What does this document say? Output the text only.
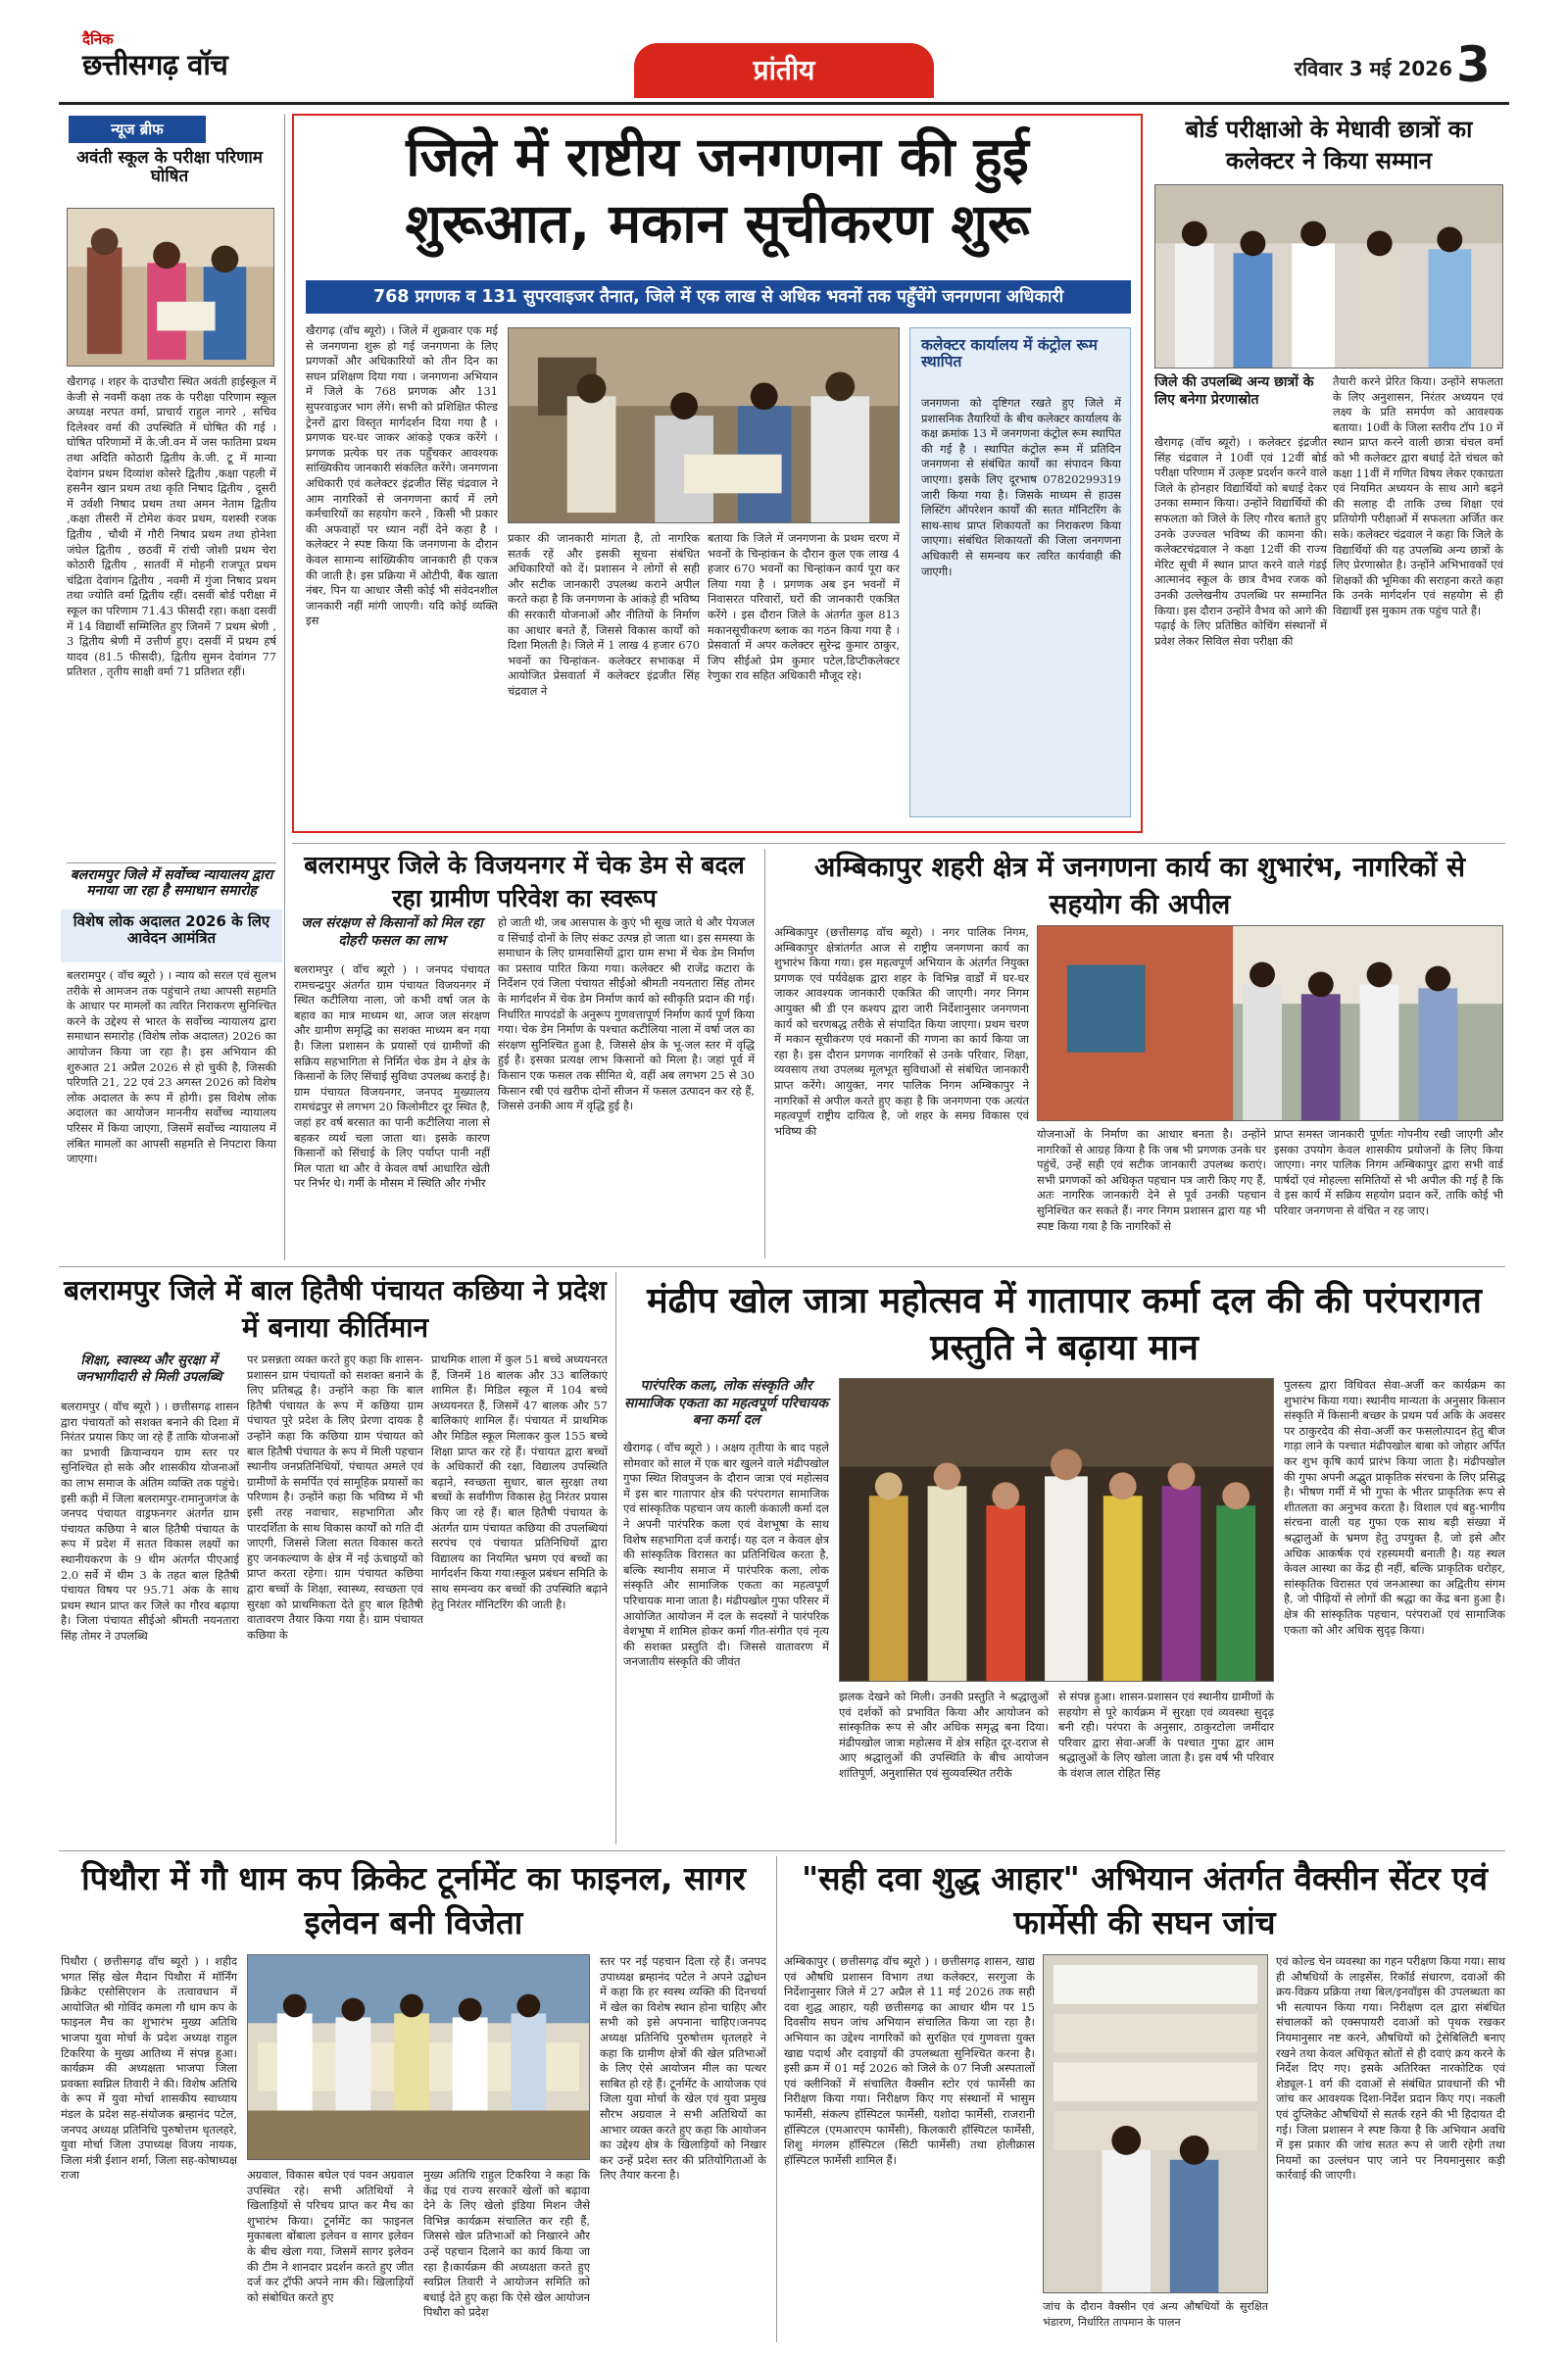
दैनिक
छत्तीसगढ़ वॉच	प्रांतीय	रविवार 3 मई 2026 3
न्यूज ब्रीफ
अवंती स्कूल के परीक्षा परिणाम घोषित
खैरागढ़ । शहर के दाउचौरा स्थित अवंती हाईस्कूल में केजी से नवमीं कक्षा तक के परीक्षा परिणाम स्कूल अध्यक्ष नरपत वर्मा, प्राचार्य राहुल नागरे , सचिव दिलेश्वर वर्मा की उपस्थिति में घोषित की गई । घोषित परिणामों में के.जी.वन में जस फातिमा प्रथम तथा अदिति कोठारी द्वितीय के.जी. टू में मान्या देवांगन प्रथम दिव्यांश कोसरे द्वितीय ,कक्षा पहली में हसनैन खान प्रथम तथा कृति निषाद द्वितीय , दूसरी में उर्वशी निषाद प्रथम तथा अमन नेताम द्वितीय ,कक्षा तीसरी में टोमेश कंवर प्रथम, यशस्वी रजक द्वितीय , चौथी में गौरी निषाद प्रथम तथा होनेशा जंघेल द्वितीय , छठवीं में रांची जोशी प्रथम चेरा कोठारी द्वितीय , सातवीं में मोहनी राजपूत प्रथम चंद्रिता देवांगन द्वितीय , नवमी में गुंजा निषाद प्रथम तथा ज्योति वर्मा द्वितीय रहीं। दसवीं बोर्ड परीक्षा में स्कूल का परिणाम 71.43 फीसदी रहा। कक्षा दसवीं में 14 विद्यार्थी सम्मिलित हुए जिनमें 7 प्रथम श्रेणी , 3 द्वितीय श्रेणी में उत्तीर्ण हुए। दसवीं में प्रथम हर्ष यादव (81.5 फीसदी), द्वितीय सुमन देवांगन 77 प्रतिशत , तृतीय साक्षी वर्मा 71 प्रतिशत रहीं।
बलरामपुर जिले में सर्वोच्च न्यायालय द्वारा मनाया जा रहा है समाधान समारोह
विशेष लोक अदालत 2026 के लिए आवेदन आमंत्रित
बलरामपुर ( वॉच ब्यूरो ) । न्याय को सरल एवं सुलभ तरीके से आमजन तक पहुंचाने तथा आपसी सहमति के आधार पर मामलों का त्वरित निराकरण सुनिश्चित करने के उद्देश्य से भारत के सर्वोच्च न्यायालय द्वारा समाधान समारोह (विशेष लोक अदालत) 2026 का आयोजन किया जा रहा है। इस अभियान की शुरुआत 21 अप्रैल 2026 से हो चुकी है, जिसकी परिणति 21, 22 एवं 23 अगस्त 2026 को विशेष लोक अदालत के रूप में होगी। इस विशेष लोक अदालत का आयोजन माननीय सर्वोच्च न्यायालय परिसर में किया जाएगा, जिसमें सर्वोच्च न्यायालय में लंबित मामलों का आपसी सहमति से निपटारा किया जाएगा।
जिले में राष्टीय जनगणना की हुई शुरूआत, मकान सूचीकरण शुरू
768 प्रगणक व 131 सुपरवाइजर तैनात, जिले में एक लाख से अधिक भवनों तक पहुँचेंगे जनगणना अधिकारी
खैरागढ़ (वॉच ब्यूरो) । जिले में शुक्रवार एक मई से जनगणना शुरू हो गई जनगणना के लिए प्रगणकों और अधिकारियों को तीन दिन का सघन प्रशिक्षण दिया गया । जनगणना अभियान में जिले के 768 प्रगणक और 131 सुपरवाइजर भाग लेंगे। सभी को प्रशिक्षित फील्ड ट्रेनरों द्वारा विस्तृत मार्गदर्शन दिया गया है । प्रगणक घर-घर जाकर आंकड़े एकत्र करेंगे । प्रगणक प्रत्येक घर तक पहुँचकर आवश्यक सांख्यिकीय जानकारी संकलित करेंगे। जनगणना अधिकारी एवं कलेक्टर इंद्रजीत सिंह चंद्रवाल ने आम नागरिकों से जनगणना कार्य में लगे कर्मचारियों का सहयोग करने , किसी भी प्रकार की अफवाहों पर ध्यान नहीं देने कहा है । कलेक्टर ने स्पष्ट किया कि जनगणना के दौरान केवल सामान्य सांख्यिकीय जानकारी ही एकत्र की जाती है। इस प्रक्रिया में ओटीपी, बैंक खाता नंबर, पिन या आधार जैसी कोई भी संवेदनशील जानकारी नहीं मांगी जाएगी। यदि कोई व्यक्ति इस
प्रकार की जानकारी मांगता है, तो नागरिक सतर्क रहें और इसकी सूचना संबंधित अधिकारियों को दें। प्रशासन ने लोगों से सही और सटीक जानकारी उपलब्ध कराने अपील करते कहा है कि जनगणना के आंकड़े ही भविष्य की सरकारी योजनाओं और नीतियों के निर्माण का आधार बनते हैं, जिससे विकास कार्यों को दिशा मिलती है। जिले में 1 लाख 4 हजार 670 भवनों का चिन्हांकन- कलेक्टर सभाकक्ष में आयोजित प्रेसवार्ता में कलेक्टर इंद्रजीत सिंह चंद्रवाल ने
बताया कि जिले में जनगणना के प्रथम चरण में भवनों के चिन्हांकन के दौरान कुल एक लाख 4 हजार 670 भवनों का चिन्हांकन कार्य पूरा कर लिया गया है । प्रगणक अब इन भवनों में निवासरत परिवारों, घरों की जानकारी एकत्रित करेंगे । इस दौरान जिले के अंतर्गत कुल 813 मकानसूचीकरण ब्लाक का गठन किया गया है । प्रेसवार्ता में अपर कलेक्टर सुरेन्द्र कुमार ठाकुर, जिप सीईओ प्रेम कुमार पटेल,डिप्टीकलेक्टर रेणुका राव सहित अधिकारी मौजूद रहे।
कलेक्टर कार्यालय में कंट्रोल रूम स्थापित
जनगणना को दृष्टिगत रखते हुए जिले में प्रशासनिक तैयारियों के बीच कलेक्टर कार्यालय के कक्ष क्रमांक 13 में जनगणना कंट्रोल रूम स्थापित की गई है । स्थापित कंट्रोल रूम में प्रतिदिन जनगणना से संबंधित कार्यों का संपादन किया जाएगा। इसके लिए दूरभाष 07820299319 जारी किया गया है। जिसके माध्यम से हाउस लिस्टिंग ऑपरेशन कार्यों की सतत मॉनिटरिंग के साथ-साथ प्राप्त शिकायतों का निराकरण किया जाएगा। संबंधित शिकायतों की जिला जनगणना अधिकारी से समन्वय कर त्वरित कार्यवाही की जाएगी।
बोर्ड परीक्षाओ के मेधावी छात्रों का कलेक्टर ने किया सम्मान
जिले की उपलब्धि अन्य छात्रों के लिए बनेगा प्रेरणास्रोत
खैरागढ़ (वॉच ब्यूरो) । कलेक्टर इंद्रजीत सिंह चंद्रवाल ने 10वीं एवं 12वीं बोर्ड परीक्षा परिणाम में उत्कृष्ट प्रदर्शन करने वाले जिले के होनहार विद्यार्थियों को बधाई देकर उनका सम्मान किया। उन्होंने विद्यार्थियों की सफलता को जिले के लिए गौरव बताते हुए उनके उज्ज्वल भविष्य की कामना की। कलेक्टरचंद्रवाल ने कक्षा 12वीं की राज्य मेरिट सूची में स्थान प्राप्त करने वाले गंडई आत्मानंद स्कूल के छात्र वैभव रजक को उनकी उल्लेखनीय उपलब्धि पर सम्मानित किया। इस दौरान उन्होंने वैभव को आगे की पढ़ाई के लिए प्रतिष्ठित कोचिंग संस्थानों में प्रवेश लेकर सिविल सेवा परीक्षा की
तैयारी करने प्रेरित किया। उन्होंने सफलता के लिए अनुशासन, निरंतर अध्ययन एवं लक्ष्य के प्रति समर्पण को आवश्यक बताया। 10वीं के जिला स्तरीय टॉप 10 में स्थान प्राप्त करने वाली छात्रा चंचल वर्मा को भी कलेक्टर द्वारा बधाई देते चंचल को कक्षा 11वीं में गणित विषय लेकर एकाग्रता एवं नियमित अध्ययन के साथ आगे बढ़ने की सलाह दी ताकि उच्च शिक्षा एवं प्रतियोगी परीक्षाओं में सफलता अर्जित कर सके। कलेक्टर चंद्रवाल ने कहा कि जिले के विद्यार्थियों की यह उपलब्धि अन्य छात्रों के लिए प्रेरणास्रोत है। उन्होंने अभिभावकों एवं शिक्षकों की भूमिका की सराहना करते कहा कि उनके मार्गदर्शन एवं सहयोग से ही विद्यार्थी इस मुकाम तक पहुंच पाते हैं।
बलरामपुर जिले के विजयनगर में चेक डेम से बदल रहा ग्रामीण परिवेश का स्वरूप
जल संरक्षण से किसानों को मिल रहा दोहरी फसल का लाभ
बलरामपुर ( वॉच ब्यूरो ) । जनपद पंचायत रामचन्द्रपुर अंतर्गत ग्राम पंचायत विजयनगर में स्थित कटीलिया नाला, जो कभी वर्षा जल के बहाव का मात्र माध्यम था, आज जल संरक्षण और ग्रामीण समृद्धि का सशक्त माध्यम बन गया है। जिला प्रशासन के प्रयासों एवं ग्रामीणों की सक्रिय सहभागिता से निर्मित चेक डेम ने क्षेत्र के किसानों के लिए सिंचाई सुविधा उपलब्ध कराई है। ग्राम पंचायत विजयनगर, जनपद मुख्यालय रामचंद्रपुर से लगभग 20 किलोमीटर दूर स्थित है, जहां हर वर्ष बरसात का पानी कटीलिया नाला से बहकर व्यर्थ चला जाता था। इसके कारण किसानों को सिंचाई के लिए पर्याप्त पानी नहीं मिल पाता था और वे केवल वर्षा आधारित खेती पर निर्भर थे। गर्मी के मौसम में स्थिति और गंभीर
हो जाती थी, जब आसपास के कुएं भी सूख जाते थे और पेयजल व सिंचाई दोनों के लिए संकट उत्पन्न हो जाता था। इस समस्या के समाधान के लिए ग्रामवासियों द्वारा ग्राम सभा में चेक डेम निर्माण का प्रस्ताव पारित किया गया। कलेक्टर श्री राजेंद्र कटारा के निर्देशन एवं जिला पंचायत सीईओ श्रीमती नयनतारा सिंह तोमर के मार्गदर्शन में चेक डेम निर्माण कार्य को स्वीकृति प्रदान की गई। निर्धारित मापदंडों के अनुरूप गुणवत्तापूर्ण निर्माण कार्य पूर्ण किया गया। चेक डेम निर्माण के पश्चात कटीलिया नाला में वर्षा जल का संरक्षण सुनिश्चित हुआ है, जिससे क्षेत्र के भू-जल स्तर में वृद्धि हुई है। इसका प्रत्यक्ष लाभ किसानों को मिला है। जहां पूर्व में किसान एक फसल तक सीमित थे, वहीं अब लगभग 25 से 30 किसान रबी एवं खरीफ दोनों सीजन में फसल उत्पादन कर रहे हैं, जिससे उनकी आय में वृद्धि हुई है।
अम्बिकापुर शहरी क्षेत्र में जनगणना कार्य का शुभारंभ, नागरिकों से सहयोग की अपील
अम्बिकापुर (छत्तीसगढ़ वॉच ब्यूरो) । नगर पालिक निगम, अम्बिकापुर क्षेत्रांतर्गत आज से राष्ट्रीय जनगणना कार्य का शुभारंभ किया गया। इस महत्वपूर्ण अभियान के अंतर्गत नियुक्त प्रगणक एवं पर्यवेक्षक द्वारा शहर के विभिन्न वार्डों में घर-घर जाकर आवश्यक जानकारी एकत्रित की जाएगी। नगर निगम आयुक्त श्री डी एन कश्यप द्वारा जारी निर्देशानुसार जनगणना कार्य को चरणबद्ध तरीके से संपादित किया जाएगा। प्रथम चरण में मकान सूचीकरण एवं मकानों की गणना का कार्य किया जा रहा है। इस दौरान प्रगणक नागरिकों से उनके परिवार, शिक्षा, व्यवसाय तथा उपलब्ध मूलभूत सुविधाओं से संबंधित जानकारी प्राप्त करेंगे। आयुक्त, नगर पालिक निगम अम्बिकापुर ने नागरिकों से अपील करते हुए कहा है कि जनगणना एक अत्यंत महत्वपूर्ण राष्ट्रीय दायित्व है, जो शहर के समग्र विकास एवं भविष्य की	योजनाओं के निर्माण का आधार बनता है। उन्होंने नागरिकों से आग्रह किया है कि जब भी प्रगणक उनके घर पहुंचें, उन्हें सही एवं सटीक जानकारी उपलब्ध कराएं। सभी प्रगणकों को अधिकृत पहचान पत्र जारी किए गए हैं, अतः नागरिक जानकारी देने से पूर्व उनकी पहचान सुनिश्चित कर सकते हैं। नगर निगम प्रशासन द्वारा यह भी स्पष्ट किया गया है कि नागरिकों से
प्राप्त समस्त जानकारी पूर्णतः गोपनीय रखी जाएगी और इसका उपयोग केवल शासकीय प्रयोजनों के लिए किया जाएगा। नगर पालिक निगम अम्बिकापुर द्वारा सभी वार्ड पार्षदों एवं मोहल्ला समितियों से भी अपील की गई है कि वे इस कार्य में सक्रिय सहयोग प्रदान करें, ताकि कोई भी परिवार जनगणना से वंचित न रह जाए।
बलरामपुर जिले में बाल हितैषी पंचायत कछिया ने प्रदेश में बनाया कीर्तिमान
शिक्षा, स्वास्थ्य और सुरक्षा में जनभागीदारी से मिली उपलब्धि
बलरामपुर ( वॉच ब्यूरो ) । छत्तीसगढ़ शासन द्वारा पंचायतों को सशक्त बनाने की दिशा में निरंतर प्रयास किए जा रहे हैं ताकि योजनाओं का प्रभावी क्रियान्वयन ग्राम स्तर पर सुनिश्चित हो सके और शासकीय योजनाओं का लाभ समाज के अंतिम व्यक्ति तक पहुंचे। इसी कड़ी में जिला बलरामपुर-रामानुजगंज के जनपद पंचायत वाड्रफनगर अंतर्गत ग्राम पंचायत कछिया ने बाल हितैषी पंचायत के रूप में प्रदेश में सतत विकास लक्ष्यों का स्थानीयकरण के 9 थीम अंतर्गत पीएआई 2.0 सर्वे में थीम 3 के तहत बाल हितैषी पंचायत विषय पर 95.71 अंक के साथ प्रथम स्थान प्राप्त कर जिले का गौरव बढ़ाया है। जिला पंचायत सीईओ श्रीमती नयनतारा सिंह तोमर ने उपलब्धि
पर प्रसन्नता व्यक्त करते हुए कहा कि शासन-प्रशासन ग्राम पंचायतों को सशक्त बनाने के लिए प्रतिबद्ध है। उन्होंने कहा कि बाल हितैषी पंचायत के रूप में कछिया ग्राम पंचायत पूरे प्रदेश के लिए प्रेरणा दायक है उन्होंने कहा कि कछिया ग्राम पंचायत को बाल हितैषी पंचायत के रूप में मिली पहचान स्थानीय जनप्रतिनिधियों, पंचायत अमले एवं ग्रामीणों के समर्पित एवं सामूहिक प्रयासों का परिणाम है। उन्होंने कहा कि भविष्य में भी इसी तरह नवाचार, सहभागिता और पारदर्शिता के साथ विकास कार्यों को गति दी जाएगी, जिससे जिला सतत विकास करते हुए जनकल्याण के क्षेत्र में नई ऊंचाइयों को प्राप्त करता रहेगा। ग्राम पंचायत कछिया द्वारा बच्चों के शिक्षा, स्वास्थ्य, स्वच्छता एवं सुरक्षा को प्राथमिकता देते हुए बाल हितैषी वातावरण तैयार किया गया है। ग्राम पंचायत कछिया के
प्राथमिक शाला में कुल 51 बच्चे अध्ययनरत हैं, जिनमें 18 बालक और 33 बालिकाएं शामिल हैं। मिडिल स्कूल में 104 बच्चे अध्ययनरत हैं, जिसमें 47 बालक और 57 बालिकाएं शामिल हैं। पंचायत में प्राथमिक और मिडिल स्कूल मिलाकर कुल 155 बच्चे शिक्षा प्राप्त कर रहे हैं। पंचायत द्वारा बच्चों के अधिकारों की रक्षा, विद्यालय उपस्थिति बढ़ाने, स्वच्छता सुधार, बाल सुरक्षा तथा बच्चों के सर्वांगीण विकास हेतु निरंतर प्रयास किए जा रहे हैं। बाल हितैषी पंचायत के अंतर्गत ग्राम पंचायत कछिया की उपलब्धियां सरपंच एवं पंचायत प्रतिनिधियों द्वारा विद्यालय का नियमित भ्रमण एवं बच्चों का मार्गदर्शन किया गया।स्कूल प्रबंधन समिति के साथ समन्वय कर बच्चों की उपस्थिति बढ़ाने हेतु निरंतर मॉनिटरिंग की जाती है।
मंढीप खोल जात्रा महोत्सव में गातापार कर्मा दल की की परंपरागत प्रस्तुति ने बढ़ाया मान
पारंपरिक कला, लोक संस्कृति और सामाजिक एकता का महत्वपूर्ण परिचायक बना कर्मा दल
खैरागढ़ ( वॉच ब्यूरो ) । अक्षय तृतीया के बाद पहले सोमवार को साल में एक बार खुलने वाले मंढीपखोल गुफा स्थित शिवपुजन के दौरान जात्रा एवं महोत्सव में इस बार गातापार क्षेत्र की परंपरागत सामाजिक एवं सांस्कृतिक पहचान जय काली कंकाली कर्मा दल ने अपनी पारंपरिक कला एवं वेशभूषा के साथ विशेष सहभागिता दर्ज कराई। यह दल न केवल क्षेत्र की सांस्कृतिक विरासत का प्रतिनिधित्व करता है, बल्कि स्थानीय समाज में पारंपरिक कला, लोक संस्कृति और सामाजिक एकता का महत्वपूर्ण परिचायक माना जाता है। मंढीपखोल गुफा परिसर में आयोजित आयोजन में दल के सदस्यों ने पारंपरिक वेशभूषा में शामिल होकर कर्मा गीत-संगीत एवं नृत्य की सशक्त प्रस्तुति दी। जिससे वातावरण में जनजातीय संस्कृति की जीवंत
झलक देखने को मिली। उनकी प्रस्तुति ने श्रद्धालुओं एवं दर्शकों को प्रभावित किया और आयोजन को सांस्कृतिक रूप से और अधिक समृद्ध बना दिया। मंढीपखोल जात्रा महोत्सव में क्षेत्र सहित दूर-दराज से आए श्रद्धालुओं की उपस्थिति के बीच आयोजन शांतिपूर्ण, अनुशासित एवं सुव्यवस्थित तरीके
से संपन्न हुआ। शासन-प्रशासन एवं स्थानीय ग्रामीणों के सहयोग से पूरे कार्यक्रम में सुरक्षा एवं व्यवस्था सुदृढ़ बनी रही। परंपरा के अनुसार, ठाकुरटोला जमींदार परिवार द्वारा सेवा-अर्जी के पश्चात गुफा द्वार आम श्रद्धालुओं के लिए खोला जाता है। इस वर्ष भी परिवार के वंशज लाल रोहित सिंह
पुलस्त्य द्वारा विधिवत सेवा-अर्जी कर कार्यक्रम का शुभारंभ किया गया। स्थानीय मान्यता के अनुसार किसान संस्कृति में किसानी बच्छर के प्रथम पर्व अकि के अवसर पर ठाकुरदेव की सेवा-अर्जी कर फसलोत्पादन हेतु बीज गाड़ा लाने के पश्चात मंढीपखोल बाबा को जोहार अर्पित कर शुभ कृषि कार्य प्रारंभ किया जाता है। मंढीपखोल की गुफा अपनी अद्भुत प्राकृतिक संरचना के लिए प्रसिद्ध है। भीषण गर्मी में भी गुफा के भीतर प्राकृतिक रूप से शीतलता का अनुभव करता है। विशाल एवं बहु-भागीय संरचना वाली यह गुफा एक साथ बड़ी संख्या में श्रद्धालुओं के भ्रमण हेतु उपयुक्त है, जो इसे और अधिक आकर्षक एवं रहस्यमयी बनाती है। यह स्थल केवल आस्था का केंद्र ही नहीं, बल्कि प्राकृतिक धरोहर, सांस्कृतिक विरासत एवं जनआस्था का अद्वितीय संगम है, जो पीढ़ियों से लोगों की श्रद्धा का केंद्र बना हुआ है। क्षेत्र की सांस्कृतिक पहचान, परंपराओं एवं सामाजिक एकता को और अधिक सुदृढ़ किया।
पिथौरा में गौ धाम कप क्रिकेट टूर्नामेंट का फाइनल, सागर इलेवन बनी विजेता
पिथौरा ( छत्तीसगढ़ वॉच ब्यूरो ) । शहीद भगत सिंह खेल मैदान पिथौरा में मॉर्निंग क्रिकेट एसोसिएशन के तत्वावधान में आयोजित श्री गोविंद कमला गौ धाम कप के फाइनल मैच का शुभारंभ मुख्य अतिथि भाजपा युवा मोर्चा के प्रदेश अध्यक्ष राहुल टिकरिया के मुख्य आतिथ्य में संपन्न हुआ। कार्यक्रम की अध्यक्षता भाजपा जिला प्रवक्ता स्वप्निल तिवारी ने की। विशेष अतिथि के रूप में युवा मोर्चा शासकीय स्वाध्याय मंडल के प्रदेश सह-संयोजक ब्रम्हानंद पटेल, जनपद अध्यक्ष प्रतिनिधि पुरुषोत्तम धृतलहरे, युवा मोर्चा जिला उपाध्यक्ष विजय नायक, जिला मंत्री ईशान शर्मा, जिला सह-कोषाध्यक्ष राजा	अग्रवाल, विकास बघेल एवं पवन अग्रवाल उपस्थित रहे। सभी अतिथियों ने खिलाड़ियों से परिचय प्राप्त कर मैच का शुभारंभ किया। टूर्नामेंट का फाइनल मुकाबला बोंबाला इलेवन व सागर इलेवन के बीच खेला गया, जिसमें सागर इलेवन की टीम ने शानदार प्रदर्शन करते हुए जीत दर्ज कर ट्रॉफी अपने नाम की। खिलाड़ियों को संबोधित करते हुए
मुख्य अतिथि राहुल टिकरिया ने कहा कि केंद्र एवं राज्य सरकारें खेलों को बढ़ावा देने के लिए खेलो इंडिया मिशन जैसे विभिन्न कार्यक्रम संचालित कर रही हैं, जिससे खेल प्रतिभाओं को निखारने और उन्हें पहचान दिलाने का कार्य किया जा रहा है।कार्यक्रम की अध्यक्षता करते हुए स्वप्निल तिवारी ने आयोजन समिति को बधाई देते हुए कहा कि ऐसे खेल आयोजन पिथौरा को प्रदेश
स्तर पर नई पहचान दिला रहे हैं। जनपद उपाध्यक्ष ब्रम्हानंद पटेल ने अपने उद्बोधन में कहा कि हर स्वस्थ व्यक्ति की दिनचर्या में खेल का विशेष स्थान होना चाहिए और सभी को इसे अपनाना चाहिए।जनपद अध्यक्ष प्रतिनिधि पुरुषोत्तम धृतलहरे ने कहा कि ग्रामीण क्षेत्रों की खेल प्रतिभाओं के लिए ऐसे आयोजन मील का पत्थर साबित हो रहे हैं। टूर्नामेंट के आयोजक एवं जिला युवा मोर्चा के खेल एवं युवा प्रमुख सौरभ अग्रवाल ने सभी अतिथियों का आभार व्यक्त करते हुए कहा कि आयोजन का उद्देश्य क्षेत्र के खिलाड़ियों को निखार कर उन्हें प्रदेश स्तर की प्रतियोगिताओं के लिए तैयार करना है।
"सही दवा शुद्ध आहार" अभियान अंतर्गत वैक्सीन सेंटर एवं फार्मेसी की सघन जांच
अम्बिकापुर ( छत्तीसगढ़ वॉच ब्यूरो ) । छत्तीसगढ़ शासन, खाद्य एवं औषधि प्रशासन विभाग तथा कलेक्टर, सरगुजा के निर्देशानुसार जिले में 27 अप्रैल से 11 मई 2026 तक सही दवा शुद्ध आहार, यही छत्तीसगढ़ का आधार थीम पर 15 दिवसीय सघन जांच अभियान संचालित किया जा रहा है। अभियान का उद्देश्य नागरिकों को सुरक्षित एवं गुणवत्ता युक्त खाद्य पदार्थ और दवाइयों की उपलब्धता सुनिश्चित करना है। इसी क्रम में 01 मई 2026 को जिले के 07 निजी अस्पतालों एवं क्लीनिकों में संचालित वैक्सीन स्टोर एवं फार्मेसी का निरीक्षण किया गया। निरीक्षण किए गए संस्थानों में भासुम फार्मेसी, संकल्प हॉस्पिटल फार्मेसी, यशोदा फार्मेसी, राजरानी हॉस्पिटल (एमआरएम फार्मेसी), किलकारी हॉस्पिटल फार्मेसी, शिशु मंगलम हॉस्पिटल (सिटी फार्मेसी) तथा होलीक्रास हॉस्पिटल फार्मेसी शामिल हैं।
जांच के दौरान वैक्सीन एवं अन्य औषधियों के सुरक्षित भंडारण, निर्धारित तापमान के पालन
एवं कोल्ड चेन व्यवस्था का गहन परीक्षण किया गया। साथ ही औषधियों के लाइसेंस, रिकॉर्ड संधारण, दवाओं की क्रय-विक्रय प्रक्रिया तथा बिल/इनवॉइस की उपलब्धता का भी सत्यापन किया गया। निरीक्षण दल द्वारा संबंधित संचालकों को एक्सपायरी दवाओं को पृथक रखकर नियमानुसार नष्ट करने, औषधियों को ट्रेसेबिलिटी बनाए रखने तथा केवल अधिकृत स्रोतों से ही दवाएं क्रय करने के निर्देश दिए गए। इसके अतिरिक्त नारकोटिक एवं शेड्यूल-1 वर्ग की दवाओं से संबंधित प्रावधानों की भी जांच कर आवश्यक दिशा-निर्देश प्रदान किए गए। नकली एवं दुप्लिकेट औषधियों से सतर्क रहने की भी हिदायत दी गई। जिला प्रशासन ने स्पष्ट किया है कि अभियान अवधि में इस प्रकार की जांच सतत रूप से जारी रहेगी तथा नियमों का उल्लंघन पाए जाने पर नियमानुसार कड़ी कार्रवाई की जाएगी।
